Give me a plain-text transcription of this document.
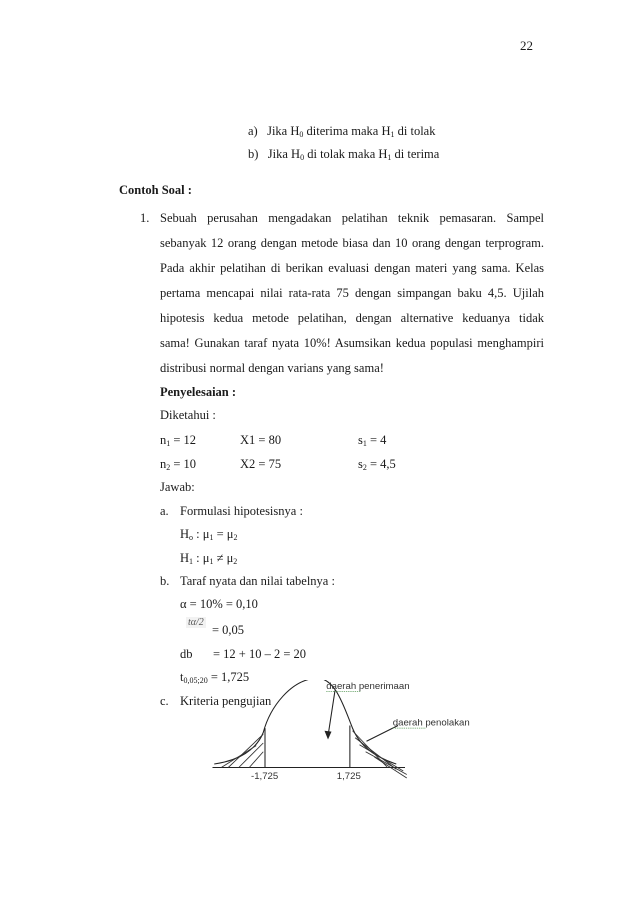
22
a) Jika $H_0$ diterima maka $H_1$ di tolak
b) Jika $H_0$ di tolak maka $H_1$ di terima
Contoh Soal :
1. Sebuah perusahan mengadakan pelatihan teknik pemasaran. Sampel
sebanyak 12 orang dengan metode biasa dan 10 orang dengan terprogram.
Pada akhir pelatihan di berikan evaluasi dengan materi yang sama. Kelas
pertama mencapai nilai rata-rata 75 dengan simpangan baku 4,5. Ujilah
hipotesis kedua metode pelatihan, dengan alternative keduanya tidak
sama! Gunakan taraf nyata 10%! Asumsikan kedua populasi menghampiri
distribusi normal dengan varians yang sama!
Penyelesaian :
Diketahui :
$n_1 = 12$	X1 = 80	$s_1 = 4$
$n_2 = 10$	X2 = 75	$s_2 = 4,5$
Jawab:
a. Formulasi hipotesisnya :
$H_o$ : $\mu_1 = \mu_2$
$H_1$ : $\mu_1 \ne \mu_2$
b. Taraf nyata dan nilai tabelnya :
α = 10% = 0,10
tα/2
= 0,05
db = 12 + 10 – 2 = 20
$t_{0,05;20} = 1,725$
c. Kriteria pengujian
daerah penerimaan
daerah penolakan
-1,725	1,725
